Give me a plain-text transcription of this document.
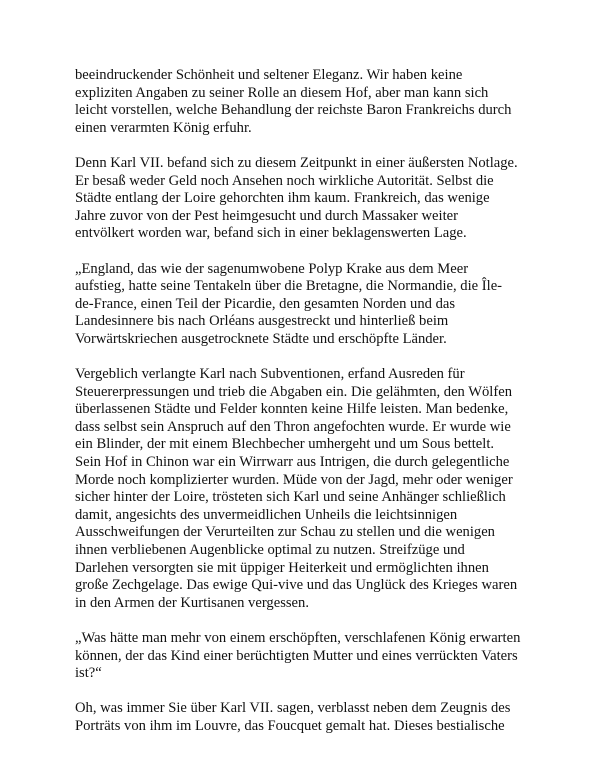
beeindruckender Schönheit und seltener Eleganz. Wir haben keine
expliziten Angaben zu seiner Rolle an diesem Hof, aber man kann sich
leicht vorstellen, welche Behandlung der reichste Baron Frankreichs durch
einen verarmten König erfuhr.

Denn Karl VII. befand sich zu diesem Zeitpunkt in einer äußersten Notlage.
Er besaß weder Geld noch Ansehen noch wirkliche Autorität. Selbst die
Städte entlang der Loire gehorchten ihm kaum. Frankreich, das wenige
Jahre zuvor von der Pest heimgesucht und durch Massaker weiter
entvölkert worden war, befand sich in einer beklagenswerten Lage.

„England, das wie der sagenumwobene Polyp Krake aus dem Meer
aufstieg, hatte seine Tentakeln über die Bretagne, die Normandie, die Île-
de-France, einen Teil der Picardie, den gesamten Norden und das
Landesinnere bis nach Orléans ausgestreckt und hinterließ beim
Vorwärtskriechen ausgetrocknete Städte und erschöpfte Länder.

Vergeblich verlangte Karl nach Subventionen, erfand Ausreden für
Steuererpressungen und trieb die Abgaben ein. Die gelähmten, den Wölfen
überlassenen Städte und Felder konnten keine Hilfe leisten. Man bedenke,
dass selbst sein Anspruch auf den Thron angefochten wurde. Er wurde wie
ein Blinder, der mit einem Blechbecher umhergeht und um Sous bettelt.
Sein Hof in Chinon war ein Wirrwarr aus Intrigen, die durch gelegentliche
Morde noch komplizierter wurden. Müde von der Jagd, mehr oder weniger
sicher hinter der Loire, trösteten sich Karl und seine Anhänger schließlich
damit, angesichts des unvermeidlichen Unheils die leichtsinnigen
Ausschweifungen der Verurteilten zur Schau zu stellen und die wenigen
ihnen verbliebenen Augenblicke optimal zu nutzen. Streifzüge und
Darlehen versorgten sie mit üppiger Heiterkeit und ermöglichten ihnen
große Zechgelage. Das ewige Qui-vive und das Unglück des Krieges waren
in den Armen der Kurtisanen vergessen.

„Was hätte man mehr von einem erschöpften, verschlafenen König erwarten
können, der das Kind einer berüchtigten Mutter und eines verrückten Vaters
ist?“

Oh, was immer Sie über Karl VII. sagen, verblasst neben dem Zeugnis des
Porträts von ihm im Louvre, das Foucquet gemalt hat. Dieses bestialische
